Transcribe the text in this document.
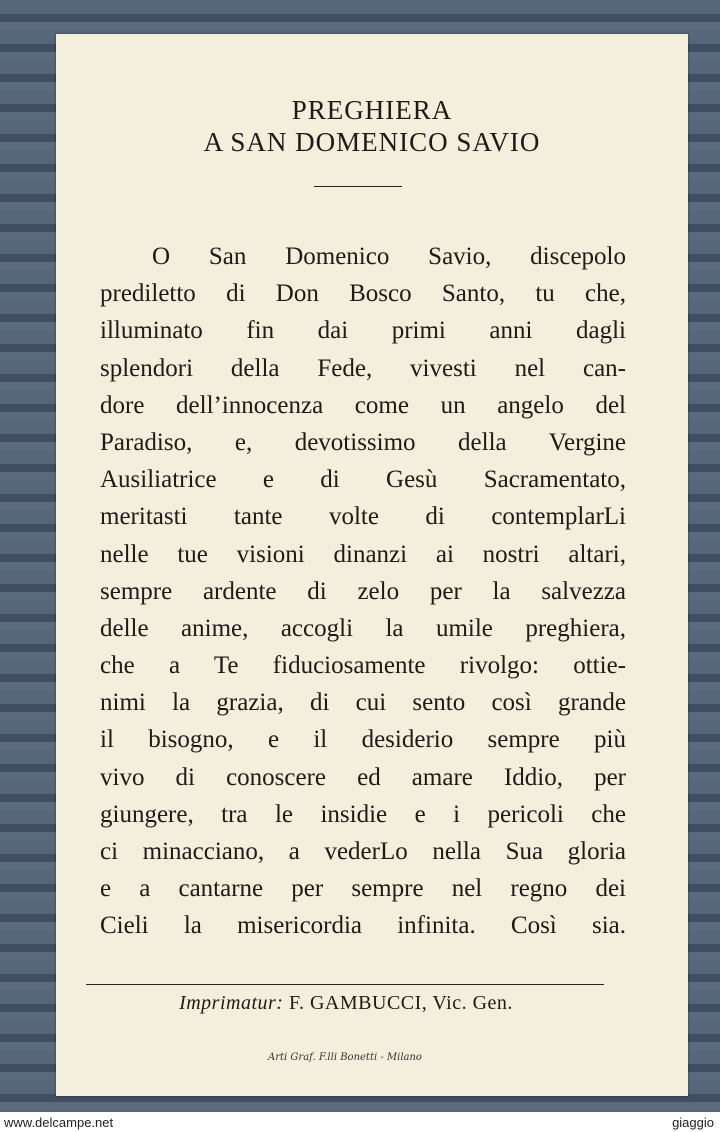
PREGHIERA
A SAN DOMENICO SAVIO
O San Domenico Savio, discepolo
prediletto di Don Bosco Santo, tu che,
illuminato fin dai primi anni dagli
splendori della Fede, vivesti nel can-
dore dell’innocenza come un angelo del
Paradiso, e, devotissimo della Vergine
Ausiliatrice e di Gesù Sacramentato,
meritasti tante volte di contemplarLi
nelle tue visioni dinanzi ai nostri altari,
sempre ardente di zelo per la salvezza
delle anime, accogli la umile preghiera,
che a Te fiduciosamente rivolgo: ottie-
nimi la grazia, di cui sento così grande
il bisogno, e il desiderio sempre più
vivo di conoscere ed amare Iddio, per
giungere, tra le insidie e i pericoli che
ci minacciano, a vederLo nella Sua gloria
e a cantarne per sempre nel regno dei
Cieli la misericordia infinita. Così sia.
Imprimatur: F. GAMBUCCI, Vic. Gen.
Arti Graf. F.lli Bonetti - Milano
www.delcampe.net	giaggio
